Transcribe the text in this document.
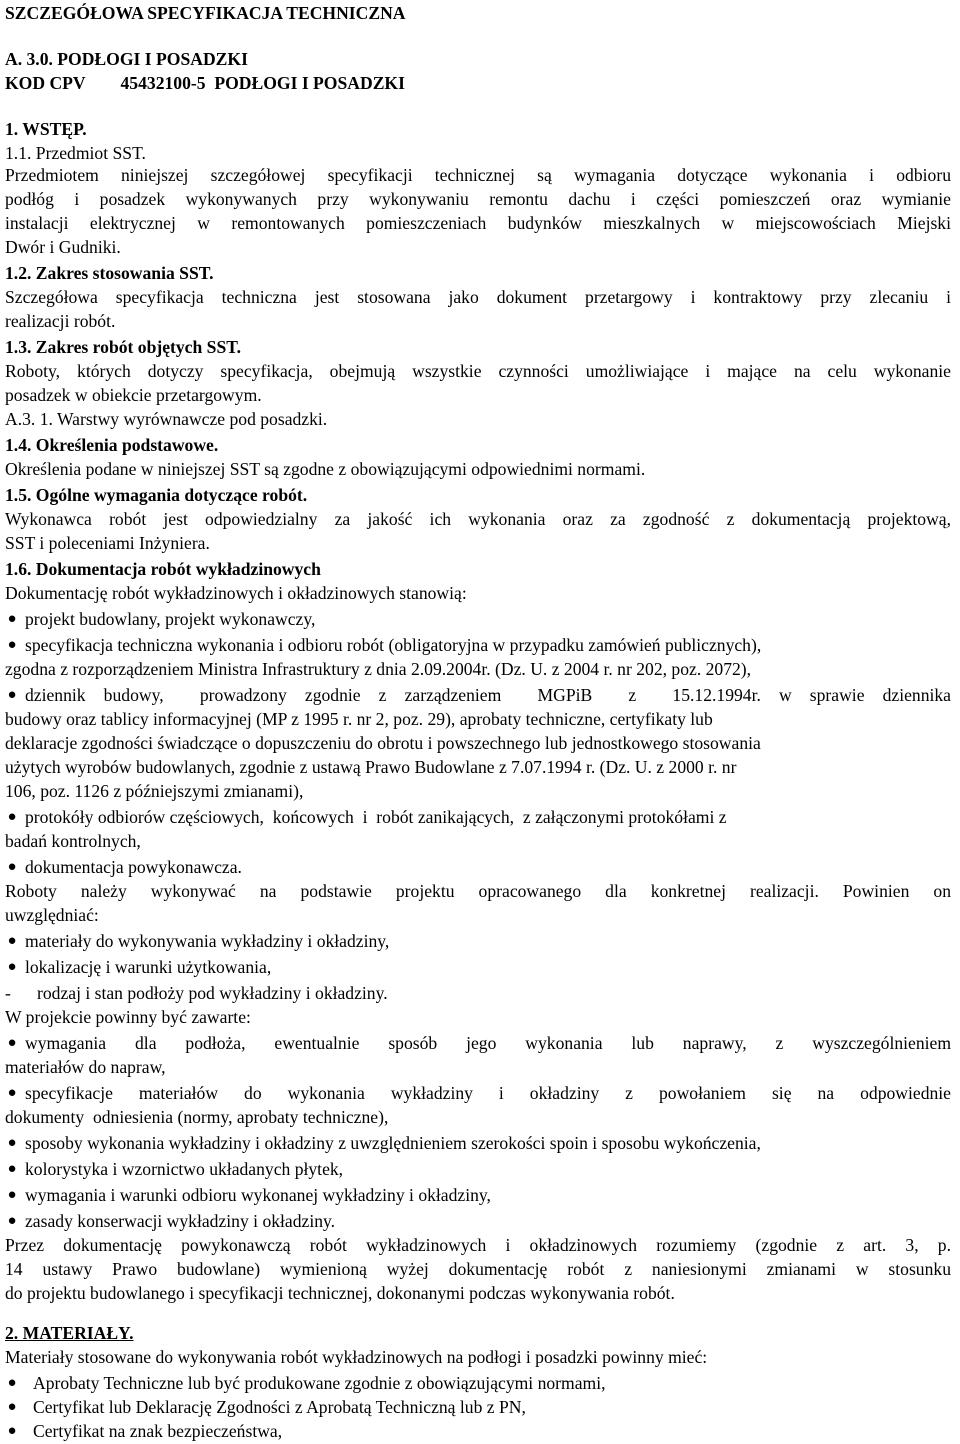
SZCZEGÓŁOWA SPECYFIKACJA TECHNICZNA
A. 3.0. PODŁOGI I POSADZKI
KOD CPV        45432100-5  PODŁOGI I POSADZKI
1. WSTĘP.
1.1. Przedmiot SST.
Przedmiotem niniejszej szczegółowej specyfikacji technicznej są wymagania dotyczące wykonania i odbioru
podłóg i posadzek wykonywanych przy wykonywaniu remontu dachu i części pomieszczeń oraz wymianie
instalacji elektrycznej w remontowanych pomieszczeniach budynków mieszkalnych w miejscowościach Miejski
Dwór i Gudniki.
1.2. Zakres stosowania SST.
Szczegółowa specyfikacja techniczna jest stosowana jako dokument przetargowy i kontraktowy przy zlecaniu i
realizacji robót.
1.3. Zakres robót objętych SST.
Roboty, których dotyczy specyfikacja, obejmują wszystkie czynności umożliwiające i mające na celu wykonanie
posadzek w obiekcie przetargowym.
A.3. 1. Warstwy wyrównawcze pod posadzki.
1.4. Określenia podstawowe.
Określenia podane w niniejszej SST są zgodne z obowiązującymi odpowiednimi normami.
1.5. Ogólne wymagania dotyczące robót.
Wykonawca robót jest odpowiedzialny za jakość ich wykonania oraz za zgodność z dokumentacją projektową,
SST i poleceniami Inżyniera.
1.6. Dokumentacja robót wykładzinowych
Dokumentację robót wykładzinowych i okładzinowych stanowią:
● projekt budowlany, projekt wykonawczy,
● specyfikacja techniczna wykonania i odbioru robót (obligatoryjna w przypadku zamówień publicznych),
zgodna z rozporządzeniem Ministra Infrastruktury z dnia 2.09.2004r. (Dz. U. z 2004 r. nr 202, poz. 2072),
● dziennik budowy,  prowadzony zgodnie z zarządzeniem  MGPiB  z  15.12.1994r. w sprawie dziennika
budowy oraz tablicy informacyjnej (MP z 1995 r. nr 2, poz. 29), aprobaty techniczne, certyfikaty lub
deklaracje zgodności świadczące o dopuszczeniu do obrotu i powszechnego lub jednostkowego stosowania
użytych wyrobów budowlanych, zgodnie z ustawą Prawo Budowlane z 7.07.1994 r. (Dz. U. z 2000 r. nr
106, poz. 1126 z późniejszymi zmianami),
● protokóły odbiorów częściowych,  końcowych  i  robót zanikających,  z załączonymi protokółami z
badań kontrolnych,
● dokumentacja powykonawcza.
Roboty należy wykonywać na podstawie projektu opracowanego dla konkretnej realizacji. Powinien on
uwzględniać:
● materiały do wykonywania wykładziny i okładziny,
● lokalizację i warunki użytkowania,
- rodzaj i stan podłoży pod wykładziny i okładziny.
W projekcie powinny być zawarte:
● wymagania  dla  podłoża,  ewentualnie  sposób  jego  wykonania  lub  naprawy,  z  wyszczególnieniem
materiałów do napraw,
● specyfikacje  materiałów  do  wykonania  wykładziny  i  okładziny  z  powołaniem  się  na  odpowiednie
dokumenty  odniesienia (normy, aprobaty techniczne),
● sposoby wykonania wykładziny i okładziny z uwzględnieniem szerokości spoin i sposobu wykończenia,
● kolorystyka i wzornictwo układanych płytek,
● wymagania i warunki odbioru wykonanej wykładziny i okładziny,
● zasady konserwacji wykładziny i okładziny.
Przez dokumentację powykonawczą robót wykładzinowych i okładzinowych rozumiemy (zgodnie z art. 3, p.
14 ustawy Prawo budowlane) wymienioną wyżej dokumentację robót z naniesionymi zmianami w stosunku
do projektu budowlanego i specyfikacji technicznej, dokonanymi podczas wykonywania robót.
2. MATERIAŁY.
Materiały stosowane do wykonywania robót wykładzinowych na podłogi i posadzki powinny mieć:
● Aprobaty Techniczne lub być produkowane zgodnie z obowiązującymi normami,
● Certyfikat lub Deklarację Zgodności z Aprobatą Techniczną lub z PN,
● Certyfikat na znak bezpieczeństwa,
